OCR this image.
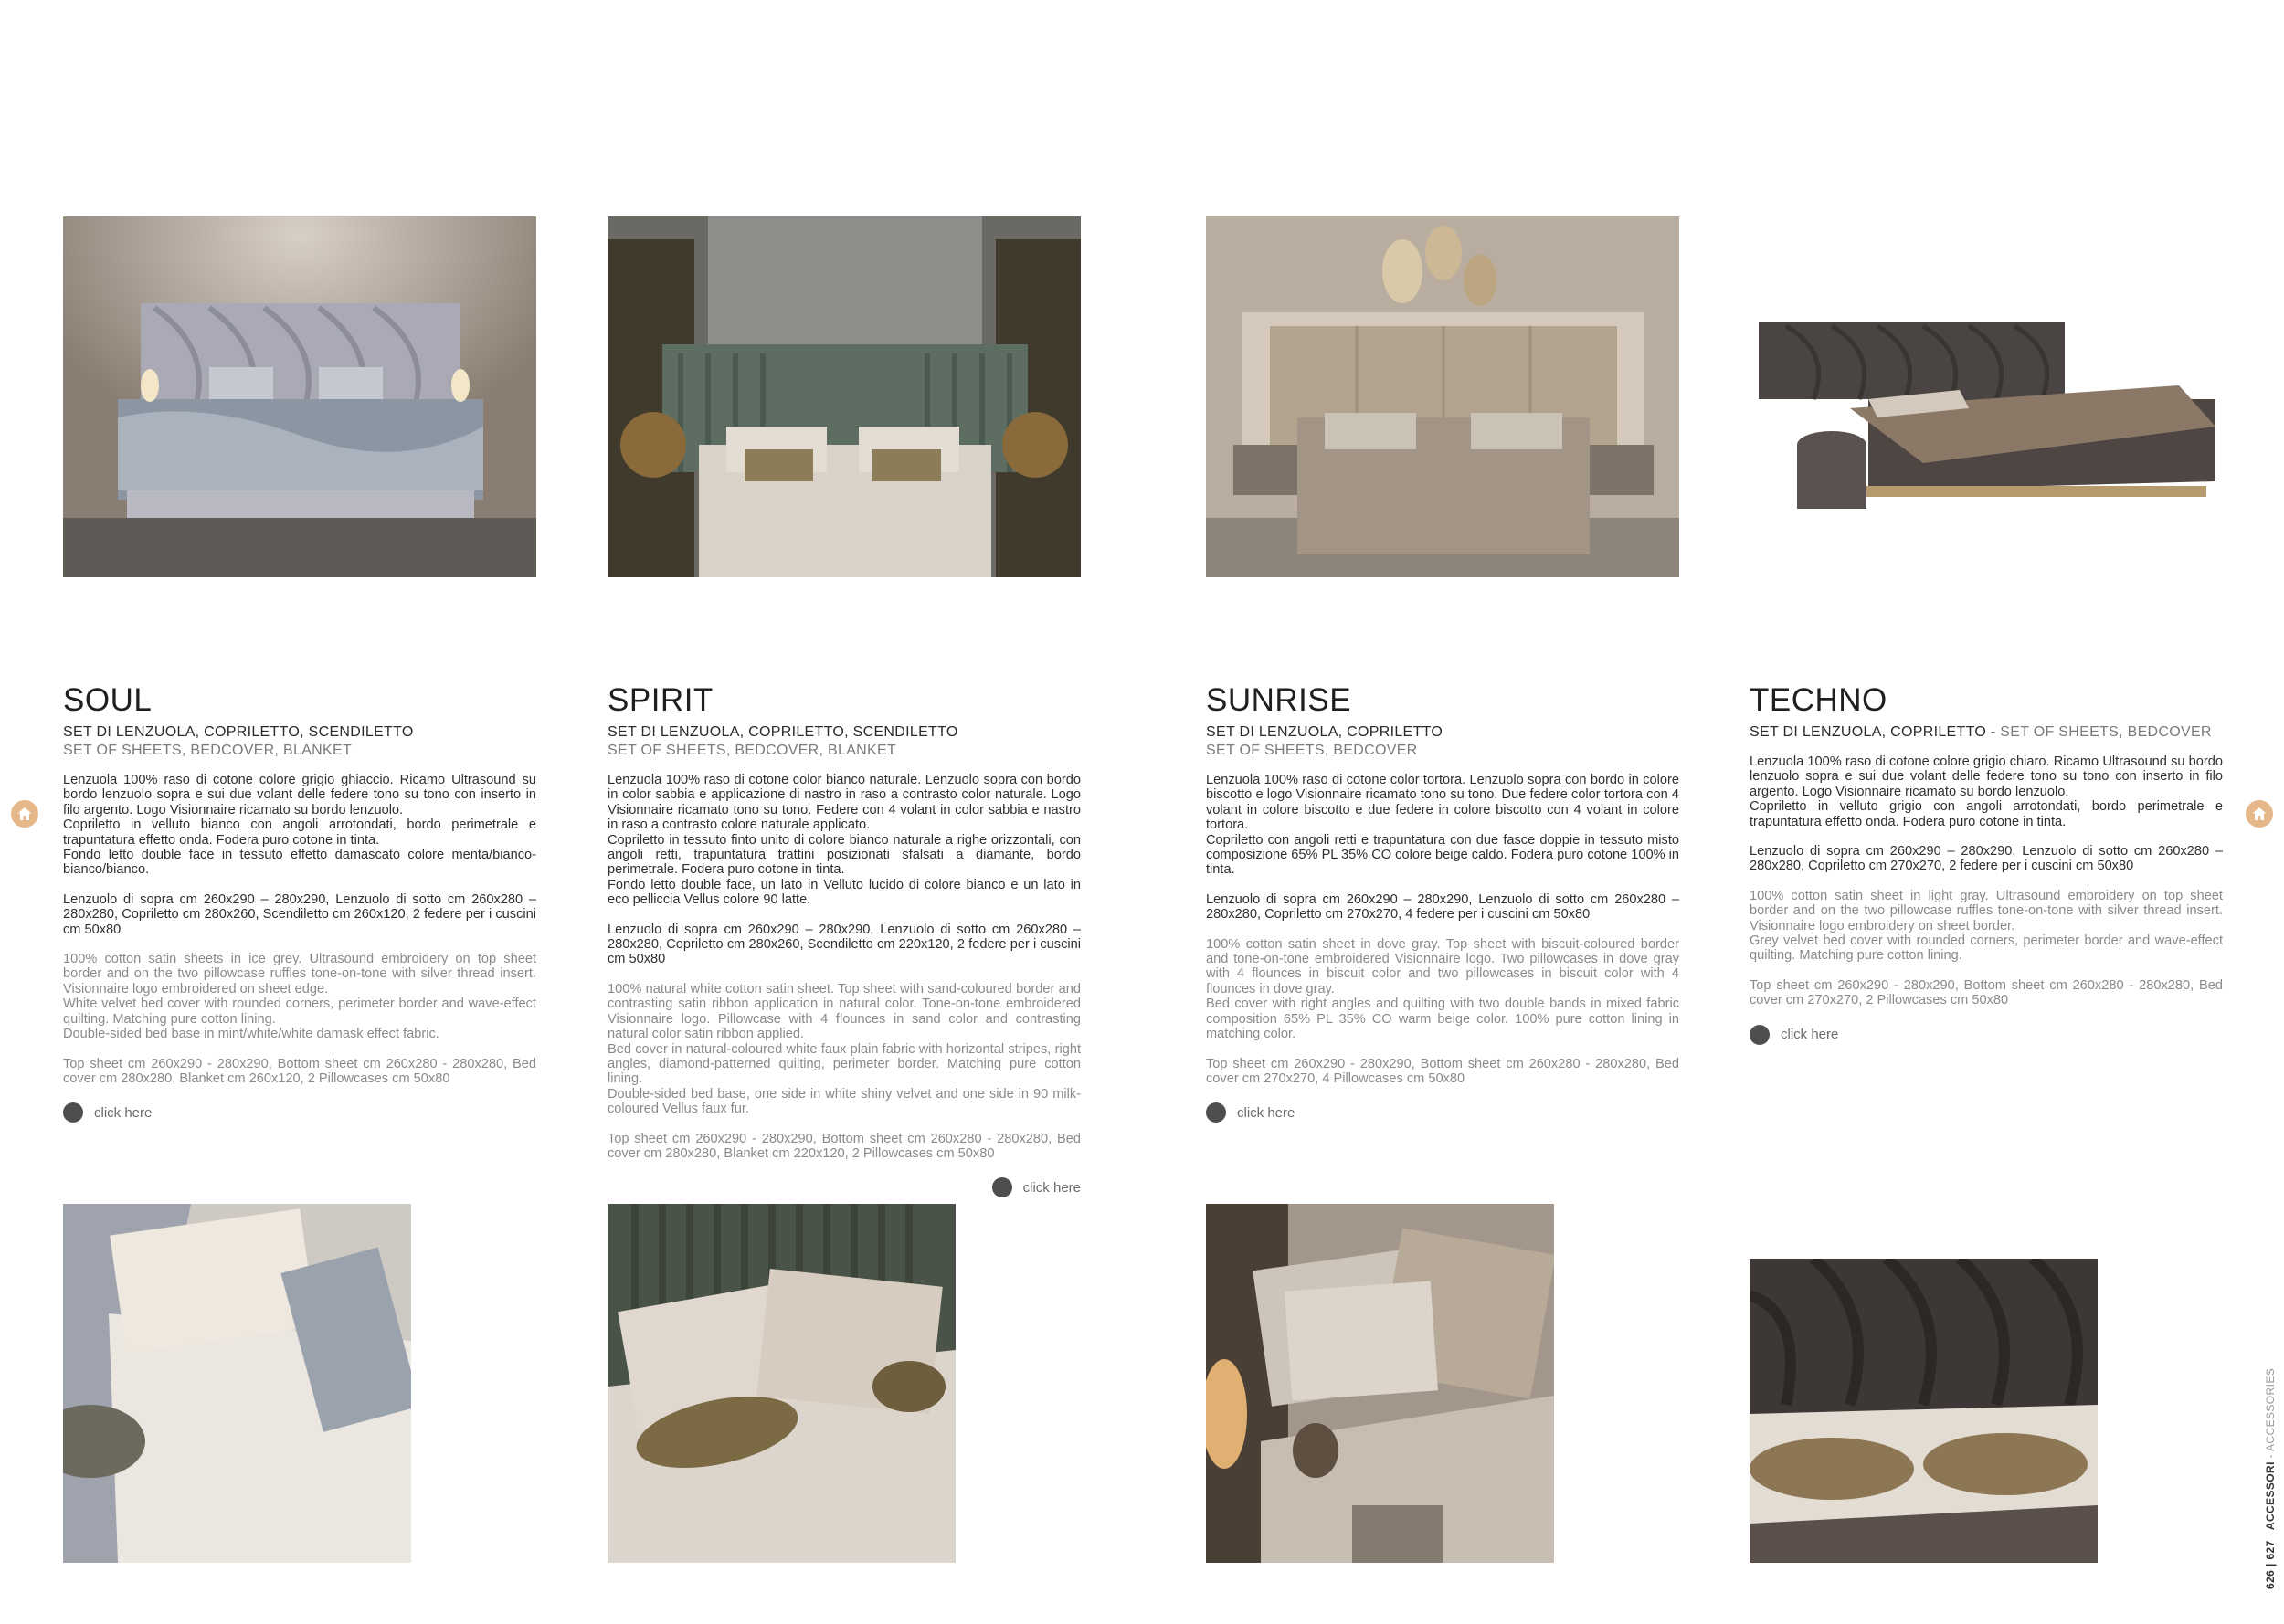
SOUL
SET DI LENZUOLA, COPRILETTO, SCENDILETTO
SET OF SHEETS, BEDCOVER, BLANKET

Lenzuola 100% raso di cotone colore grigio ghiaccio. Ricamo Ultrasound su bordo lenzuolo sopra e sui due volant delle federe tono su tono con inserto in filo argento. Logo Visionnaire ricamato su bordo lenzuolo.
Copriletto in velluto bianco con angoli arrotondati, bordo perimetrale e trapuntatura effetto onda. Fodera puro cotone in tinta.
Fondo letto double face in tessuto effetto damascato colore menta/bianco-bianco/bianco.

Lenzuolo di sopra cm 260x290 – 280x290, Lenzuolo di sotto cm 260x280 – 280x280, Copriletto cm 280x260, Scendiletto cm 260x120, 2 federe per i cuscini cm 50x80

100% cotton satin sheets in ice grey. Ultrasound embroidery on top sheet border and on the two pillowcase ruffles tone-on-tone with silver thread insert. Visionnaire logo embroidered on sheet edge.
White velvet bed cover with rounded corners, perimeter border and wave-effect quilting. Matching pure cotton lining.
Double-sided bed base in mint/white/white damask effect fabric.

Top sheet cm 260x290 - 280x290, Bottom sheet cm 260x280 - 280x280, Bed cover cm 280x280, Blanket cm 260x120, 2 Pillowcases cm 50x80

click here
SPIRIT
SET DI LENZUOLA, COPRILETTO, SCENDILETTO
SET OF SHEETS, BEDCOVER, BLANKET

Lenzuola 100% raso di cotone color bianco naturale. Lenzuolo sopra con bordo in color sabbia e applicazione di nastro in raso a contrasto color naturale. Logo Visionnaire ricamato tono su tono. Federe con 4 volant in color sabbia e nastro in raso a contrasto colore naturale applicato.
Copriletto in tessuto finto unito di colore bianco naturale a righe orizzontali, con angoli retti, trapuntatura trattini posizionati sfalsati a diamante, bordo perimetrale. Fodera puro cotone in tinta.
Fondo letto double face, un lato in Velluto lucido di colore bianco e un lato in eco pelliccia Vellus colore 90 latte.

Lenzuolo di sopra cm 260x290 – 280x290, Lenzuolo di sotto cm 260x280 – 280x280, Copriletto cm 280x260, Scendiletto cm 220x120, 2 federe per i cuscini cm 50x80

100% natural white cotton satin sheet. Top sheet with sand-coloured border and contrasting satin ribbon application in natural color. Tone-on-tone embroidered Visionnaire logo. Pillowcase with 4 flounces in sand color and contrasting natural color satin ribbon applied.
Bed cover in natural-coloured white faux plain fabric with horizontal stripes, right angles, diamond-patterned quilting, perimeter border. Matching pure cotton lining.
Double-sided bed base, one side in white shiny velvet and one side in 90 milk-coloured Vellus faux fur.

Top sheet cm 260x290 - 280x290, Bottom sheet cm 260x280 - 280x280, Bed cover cm 280x280, Blanket cm 220x120, 2 Pillowcases cm 50x80

click here
SUNRISE
SET DI LENZUOLA, COPRILETTO
SET OF SHEETS, BEDCOVER

Lenzuola 100% raso di cotone color tortora. Lenzuolo sopra con bordo in colore biscotto e logo Visionnaire ricamato tono su tono. Due federe color tortora con 4 volant in colore biscotto e due federe in colore biscotto con 4 volant in colore tortora.
Copriletto con angoli retti e trapuntatura con due fasce doppie in tessuto misto composizione 65% PL 35% CO colore beige caldo. Fodera puro cotone 100% in tinta.

Lenzuolo di sopra cm 260x290 – 280x290, Lenzuolo di sotto cm 260x280 – 280x280, Copriletto cm 270x270, 4 federe per i cuscini cm 50x80

100% cotton satin sheet in dove gray. Top sheet with biscuit-coloured border and tone-on-tone embroidered Visionnaire logo. Two pillowcases in dove gray with 4 flounces in biscuit color and two pillowcases in biscuit color with 4 flounces in dove gray.
Bed cover with right angles and quilting with two double bands in mixed fabric composition 65% PL 35% CO warm beige color. 100% pure cotton lining in matching color.

Top sheet cm 260x290 - 280x290, Bottom sheet cm 260x280 - 280x280, Bed cover cm 270x270, 4 Pillowcases cm 50x80

click here
TECHNO
SET DI LENZUOLA, COPRILETTO - SET OF SHEETS, BEDCOVER

Lenzuola 100% raso di cotone colore grigio chiaro. Ricamo Ultrasound su bordo lenzuolo sopra e sui due volant delle federe tono su tono con inserto in filo argento. Logo Visionnaire ricamato su bordo lenzuolo.
Copriletto in velluto grigio con angoli arrotondati, bordo perimetrale e trapuntatura effetto onda. Fodera puro cotone in tinta.

Lenzuolo di sopra cm 260x290 – 280x290, Lenzuolo di sotto cm 260x280 – 280x280, Copriletto cm 270x270, 2 federe per i cuscini cm 50x80

100% cotton satin sheet in light gray. Ultrasound embroidery on top sheet border and on the two pillowcase ruffles tone-on-tone with silver thread insert. Visionnaire logo embroidery on sheet border.
Grey velvet bed cover with rounded corners, perimeter border and wave-effect quilting. Matching pure cotton lining.

Top sheet cm 260x290 - 280x290, Bottom sheet cm 260x280 - 280x280, Bed cover cm 270x270, 2 Pillowcases cm 50x80

click here
626 | 627   ACCESSORI - ACCESSORIES
